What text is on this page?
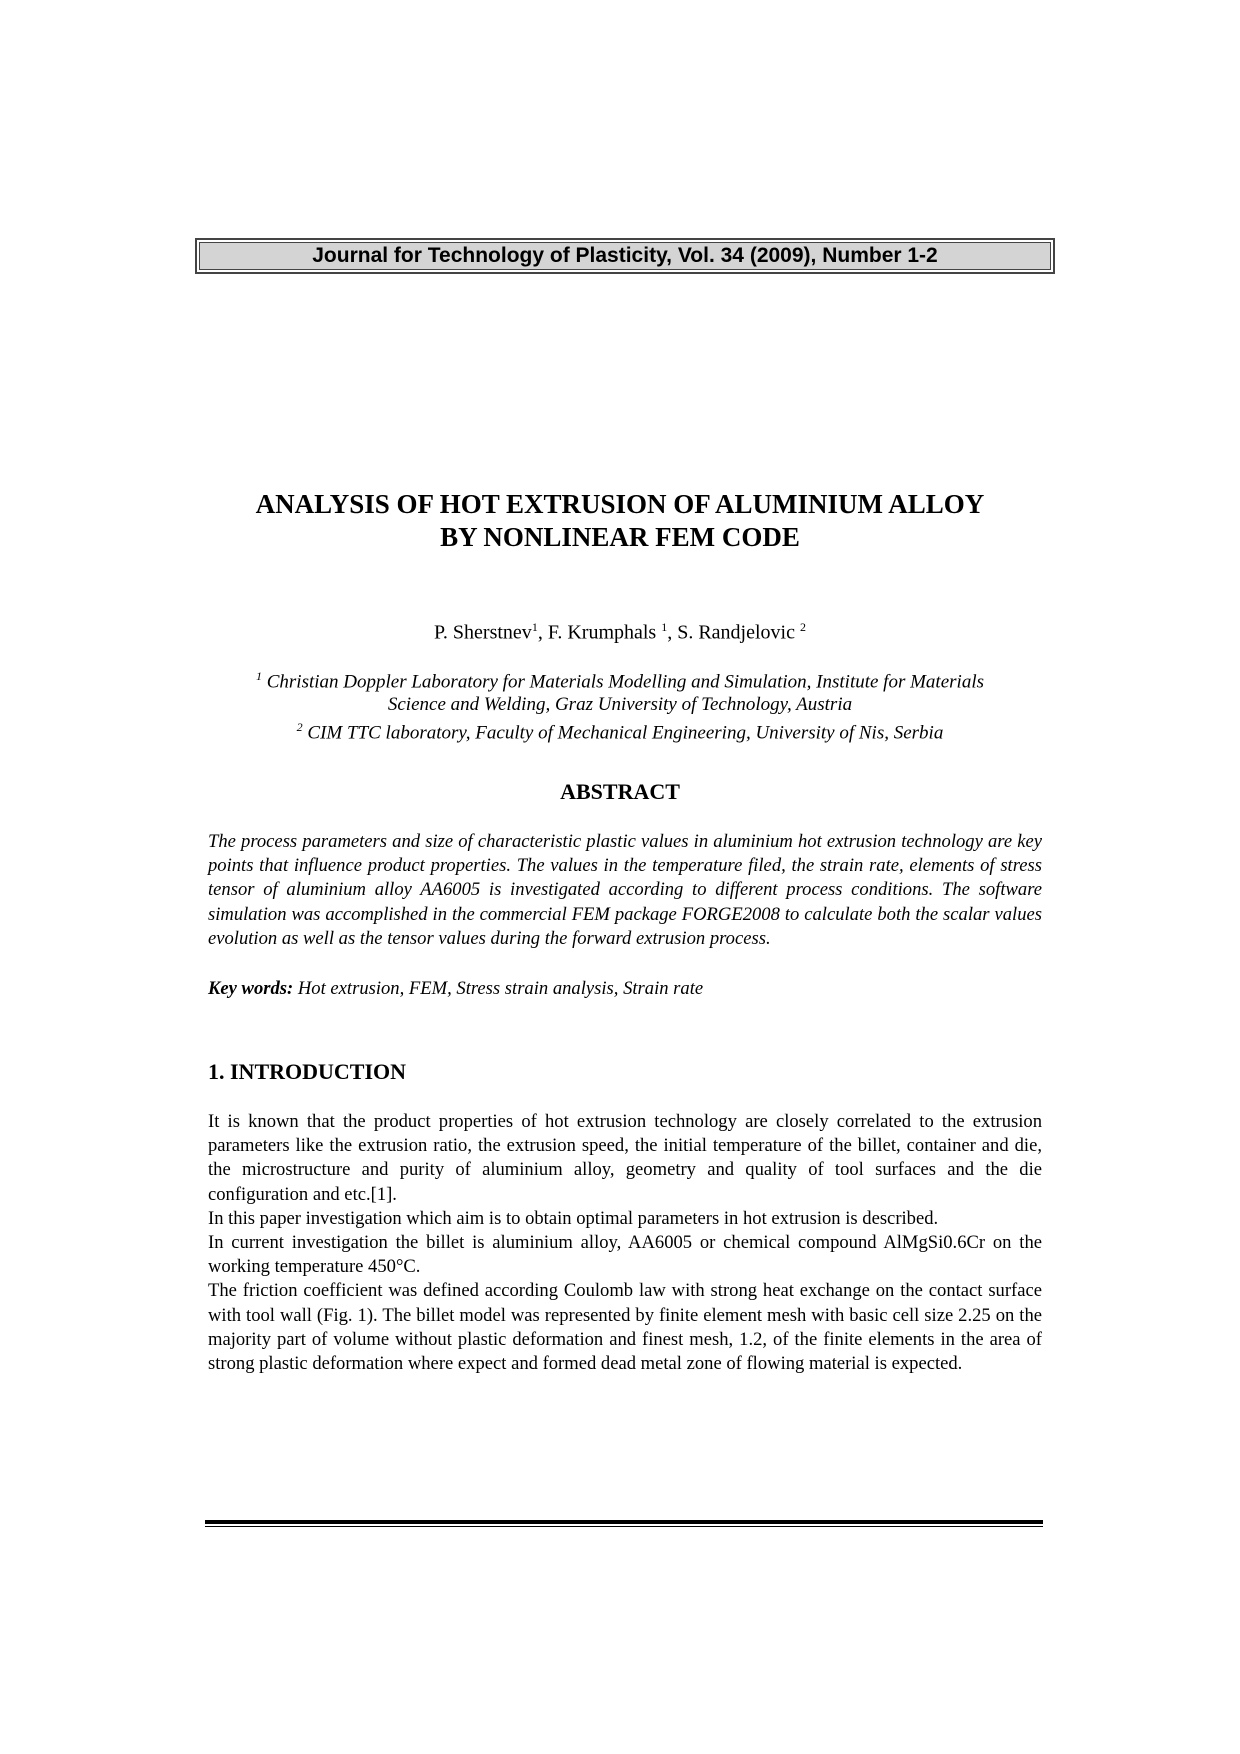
Journal for Technology of Plasticity, Vol. 34 (2009), Number 1-2
ANALYSIS OF HOT EXTRUSION OF ALUMINIUM ALLOY
BY NONLINEAR FEM CODE
P. Sherstnev$^1$, F. Krumphals $^1$, S. Randjelovic $^2$
$^1$ Christian Doppler Laboratory for Materials Modelling and Simulation, Institute for Materials
Science and Welding, Graz University of Technology, Austria
$^2$ CIM TTC laboratory, Faculty of Mechanical Engineering, University of Nis, Serbia
ABSTRACT

The process parameters and size of characteristic plastic values in aluminium hot extrusion technology are key points that influence product properties. The values in the temperature filed, the strain rate, elements of stress tensor of aluminium alloy AA6005 is investigated according to different process conditions. The software simulation was accomplished in the commercial FEM package FORGE2008 to calculate both the scalar values evolution as well as the tensor values during the forward extrusion process.

Key words: Hot extrusion, FEM, Stress strain analysis, Strain rate
1. INTRODUCTION

It is known that the product properties of hot extrusion technology are closely correlated to the extrusion parameters like the extrusion ratio, the extrusion speed, the initial temperature of the billet, container and die, the microstructure and purity of aluminium alloy, geometry and quality of tool surfaces and the die configuration and etc.[1].

In this paper investigation which aim is to obtain optimal parameters in hot extrusion is described.

In current investigation the billet is aluminium alloy, AA6005 or chemical compound AlMgSi0.6Cr on the working temperature 450°C.

The friction coefficient was defined according Coulomb law with strong heat exchange on the contact surface with tool wall (Fig. 1). The billet model was represented by finite element mesh with basic cell size 2.25 on the majority part of volume without plastic deformation and finest mesh, 1.2, of the finite elements in the area of strong plastic deformation where expect and formed dead metal zone of flowing material is expected.
